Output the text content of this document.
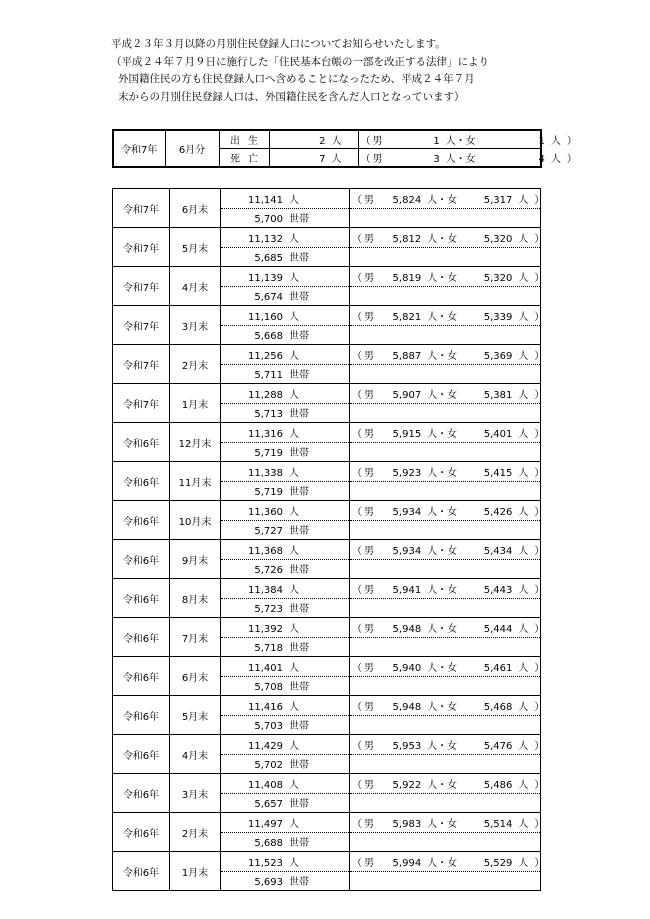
平成２３年３月以降の月別住民登録人口についてお知らせいたします。
（平成２４年７月９日に施行した「住民基本台帳の一部を改正する法律」により
外国籍住民の方も住民登録人口へ含めることになったため、平成２４年７月
末からの月別住民登録人口は、外国籍住民を含んだ人口となっています）
令和7年	6月分	出生	2 人	（ 男 1 人・女 1 人 ）
		死亡	7 人	（ 男 3 人・女 4 人 ）
令和7年	6月末	11,141 人	（ 男 5,824 人・女 5,317 人 ）
		5,700 世帯	
令和7年	5月末	11,132 人	（ 男 5,812 人・女 5,320 人 ）
		5,685 世帯	
令和7年	4月末	11,139 人	（ 男 5,819 人・女 5,320 人 ）
		5,674 世帯	
令和7年	3月末	11,160 人	（ 男 5,821 人・女 5,339 人 ）
		5,668 世帯	
令和7年	2月末	11,256 人	（ 男 5,887 人・女 5,369 人 ）
		5,711 世帯	
令和7年	1月末	11,288 人	（ 男 5,907 人・女 5,381 人 ）
		5,713 世帯	
令和6年	12月末	11,316 人	（ 男 5,915 人・女 5,401 人 ）
		5,719 世帯	
令和6年	11月末	11,338 人	（ 男 5,923 人・女 5,415 人 ）
		5,719 世帯	
令和6年	10月末	11,360 人	（ 男 5,934 人・女 5,426 人 ）
		5,727 世帯	
令和6年	9月末	11,368 人	（ 男 5,934 人・女 5,434 人 ）
		5,726 世帯	
令和6年	8月末	11,384 人	（ 男 5,941 人・女 5,443 人 ）
		5,723 世帯	
令和6年	7月末	11,392 人	（ 男 5,948 人・女 5,444 人 ）
		5,718 世帯	
令和6年	6月末	11,401 人	（ 男 5,940 人・女 5,461 人 ）
		5,708 世帯	
令和6年	5月末	11,416 人	（ 男 5,948 人・女 5,468 人 ）
		5,703 世帯	
令和6年	4月末	11,429 人	（ 男 5,953 人・女 5,476 人 ）
		5,702 世帯	
令和6年	3月末	11,408 人	（ 男 5,922 人・女 5,486 人 ）
		5,657 世帯	
令和6年	2月末	11,497 人	（ 男 5,983 人・女 5,514 人 ）
		5,688 世帯	
令和6年	1月末	11,523 人	（ 男 5,994 人・女 5,529 人 ）
		5,693 世帯	
